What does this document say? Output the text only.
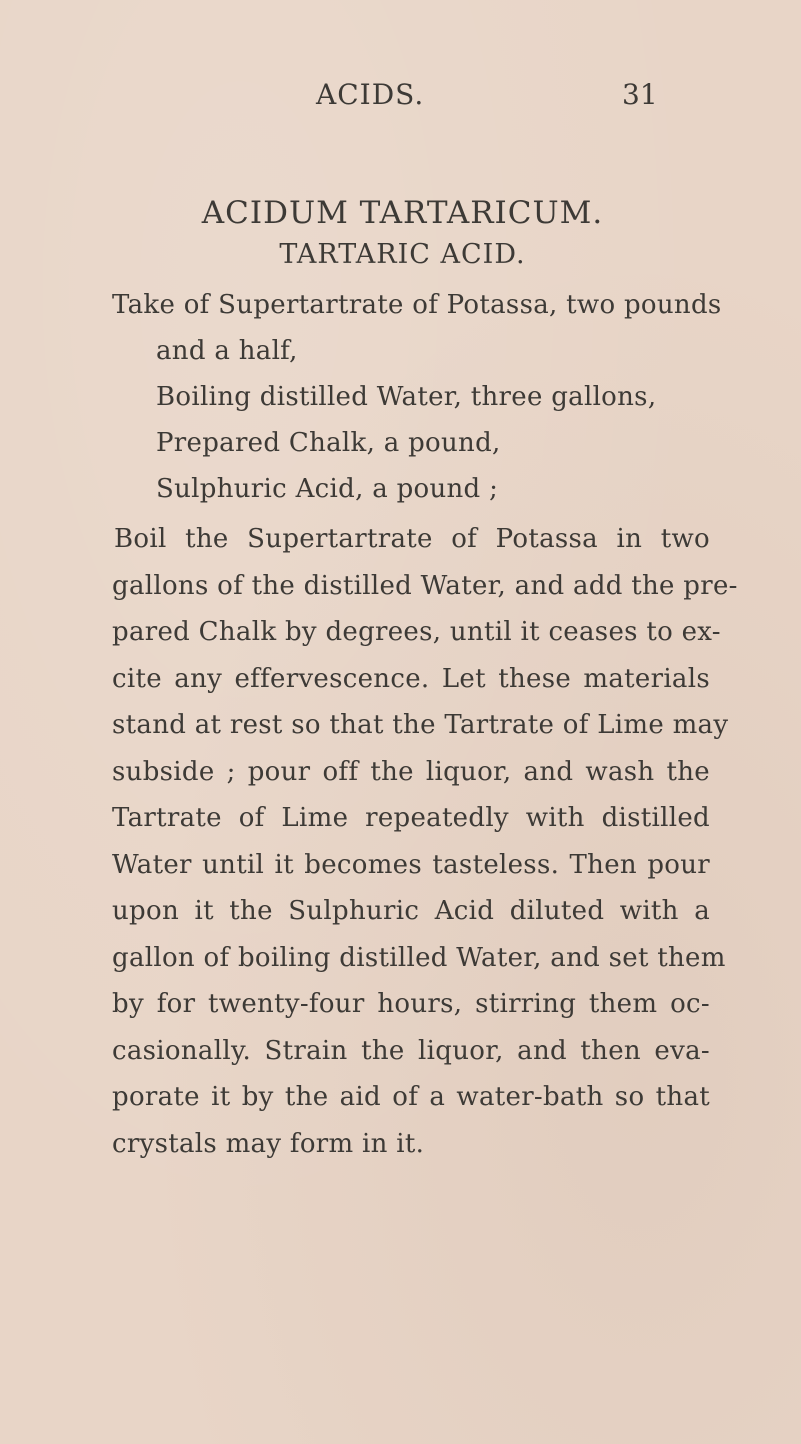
ACIDS.	31
ACIDUM TARTARICUM.
TARTARIC ACID.
Take of Supertartrate of Potassa, two pounds
and a half,
Boiling distilled Water, three gallons,
Prepared Chalk, a pound,
Sulphuric Acid, a pound ;
Boil the Supertartrate of Potassa in two
gallons of the distilled Water, and add the pre-
pared Chalk by degrees, until it ceases to ex-
cite any effervescence. Let these materials
stand at rest so that the Tartrate of Lime may
subside ; pour off the liquor, and wash the
Tartrate of Lime repeatedly with distilled
Water until it becomes tasteless. Then pour
upon it the Sulphuric Acid diluted with a
gallon of boiling distilled Water, and set them
by for twenty-four hours, stirring them oc-
casionally. Strain the liquor, and then eva-
porate it by the aid of a water-bath so that
crystals may form in it.
